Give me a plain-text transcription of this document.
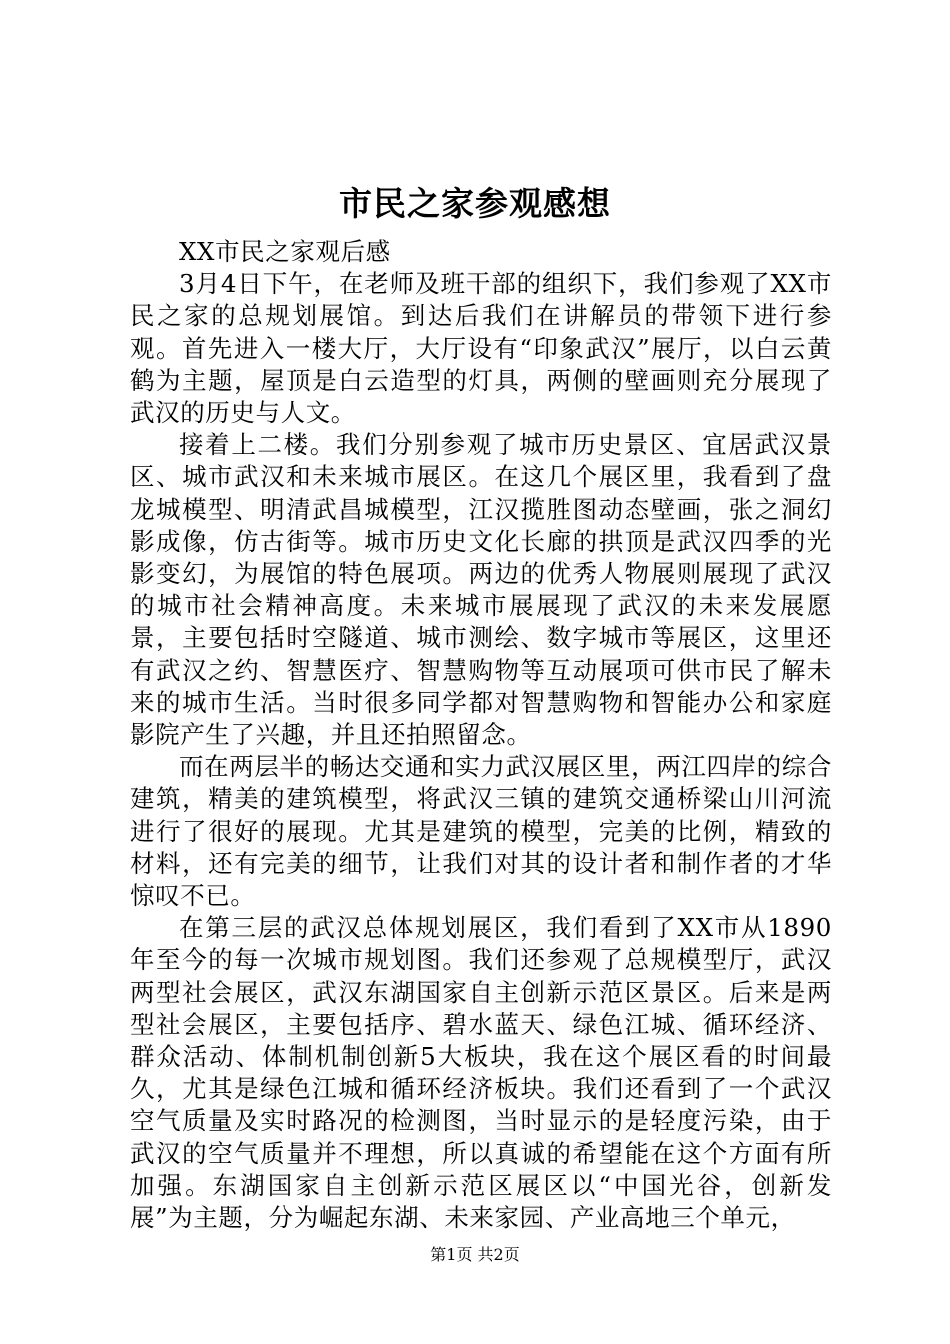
市民之家参观感想

XX市民之家观后感

3月4日下午，在老师及班干部的组织下，我们参观了XX市民之家的总规划展馆。到达后我们在讲解员的带领下进行参观。首先进入一楼大厅，大厅设有“印象武汉”展厅，以白云黄鹤为主题，屋顶是白云造型的灯具，两侧的壁画则充分展现了武汉的历史与人文。

接着上二楼。我们分别参观了城市历史景区、宜居武汉景区、城市武汉和未来城市展区。在这几个展区里，我看到了盘龙城模型、明清武昌城模型，江汉揽胜图动态壁画，张之洞幻影成像，仿古街等。城市历史文化长廊的拱顶是武汉四季的光影变幻，为展馆的特色展项。两边的优秀人物展则展现了武汉的城市社会精神高度。未来城市展展现了武汉的未来发展愿景，主要包括时空隧道、城市测绘、数字城市等展区，这里还有武汉之约、智慧医疗、智慧购物等互动展项可供市民了解未来的城市生活。当时很多同学都对智慧购物和智能办公和家庭影院产生了兴趣，并且还拍照留念。

而在两层半的畅达交通和实力武汉展区里，两江四岸的综合建筑，精美的建筑模型，将武汉三镇的建筑交通桥梁山川河流进行了很好的展现。尤其是建筑的模型，完美的比例，精致的材料，还有完美的细节，让我们对其的设计者和制作者的才华惊叹不已。

在第三层的武汉总体规划展区，我们看到了XX市从1890年至今的每一次城市规划图。我们还参观了总规模型厅，武汉两型社会展区，武汉东湖国家自主创新示范区景区。后来是两型社会展区，主要包括序、碧水蓝天、绿色江城、循环经济、群众活动、体制机制创新5大板块，我在这个展区看的时间最久，尤其是绿色江城和循环经济板块。我们还看到了一个武汉空气质量及实时路况的检测图，当时显示的是轻度污染，由于武汉的空气质量并不理想，所以真诚的希望能在这个方面有所加强。东湖国家自主创新示范区展区以“中国光谷，创新发展”为主题，分为崛起东湖、未来家园、产业高地三个单元，

第1页 共2页
